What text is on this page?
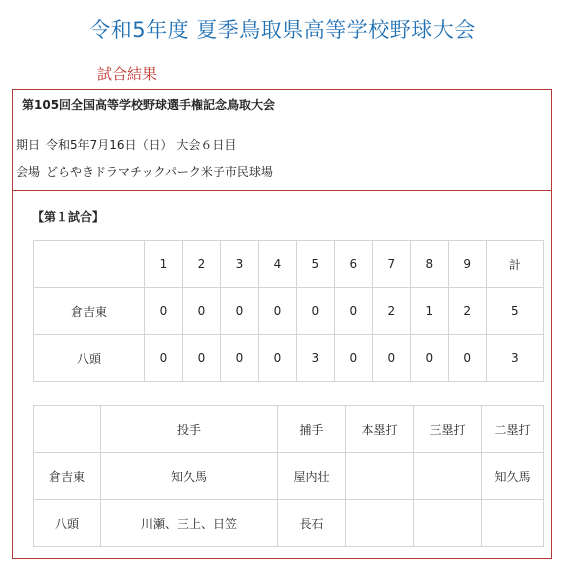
令和5年度 夏季鳥取県高等学校野球大会
試合結果
第105回全国高等学校野球選手権記念鳥取大会
期日 令和5年7月16日（日） 大会６日目
会場 どらやきドラマチックパーク米子市民球場
【第１試合】
	1	2	3	4	5	6	7	8	9	計
倉吉東	0	0	0	0	0	0	2	1	2	5
八頭	0	0	0	0	3	0	0	0	0	3
	投手	捕手	本塁打	三塁打	二塁打
倉吉東	知久馬	屋内壮			知久馬
八頭	川瀬、三上、日笠	長石			
